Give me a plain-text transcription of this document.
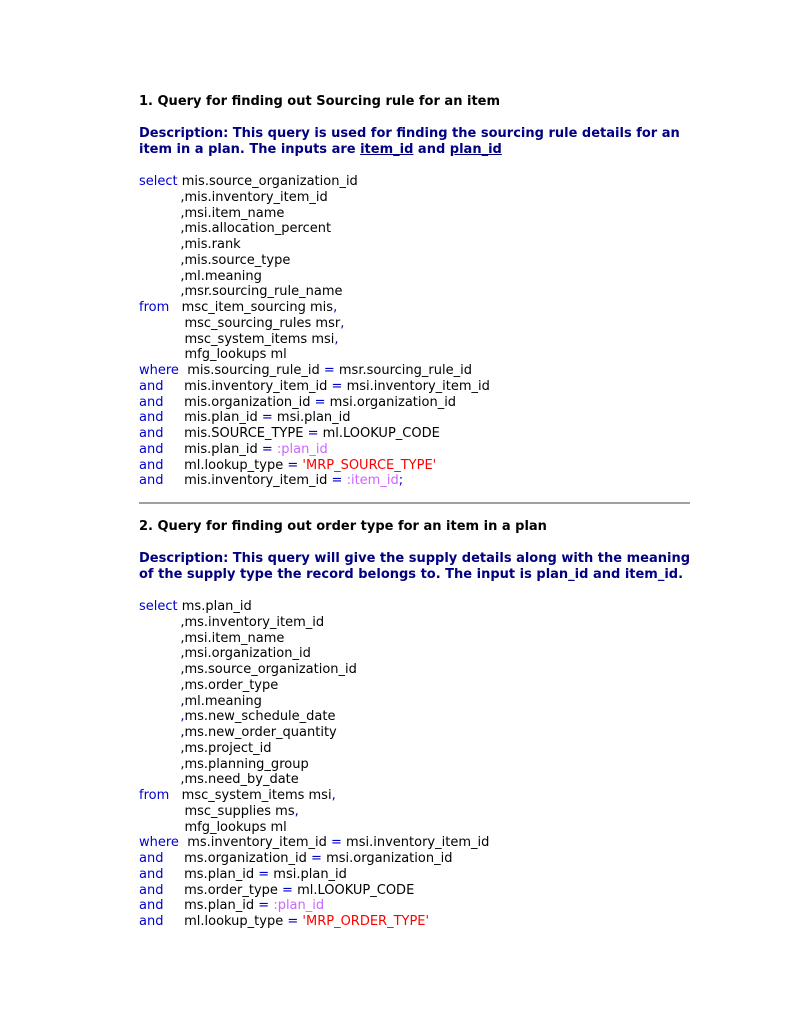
1. Query for finding out Sourcing rule for an item

Description: This query is used for finding the sourcing rule details for an item in a plan. The inputs are item_id and plan_id

select mis.source_organization_id
,mis.inventory_item_id
,msi.item_name
,mis.allocation_percent
,mis.rank
,mis.source_type
,ml.meaning
,msr.sourcing_rule_name
from   msc_item_sourcing mis,
msc_sourcing_rules msr,
msc_system_items msi,
mfg_lookups ml
where  mis.sourcing_rule_id = msr.sourcing_rule_id
and     mis.inventory_item_id = msi.inventory_item_id
and     mis.organization_id = msi.organization_id
and     mis.plan_id = msi.plan_id
and     mis.SOURCE_TYPE = ml.LOOKUP_CODE
and     mis.plan_id = :plan_id
and     ml.lookup_type = 'MRP_SOURCE_TYPE'
and     mis.inventory_item_id = :item_id;

2. Query for finding out order type for an item in a plan

Description: This query will give the supply details along with the meaning of the supply type the record belongs to. The input is plan_id and item_id.

select ms.plan_id
,ms.inventory_item_id
,msi.item_name
,msi.organization_id
,ms.source_organization_id
,ms.order_type
,ml.meaning
,ms.new_schedule_date
,ms.new_order_quantity
,ms.project_id
,ms.planning_group
,ms.need_by_date
from   msc_system_items msi,
msc_supplies ms,
mfg_lookups ml
where  ms.inventory_item_id = msi.inventory_item_id
and     ms.organization_id = msi.organization_id
and     ms.plan_id = msi.plan_id
and     ms.order_type = ml.LOOKUP_CODE
and     ms.plan_id = :plan_id
and     ml.lookup_type = 'MRP_ORDER_TYPE'
